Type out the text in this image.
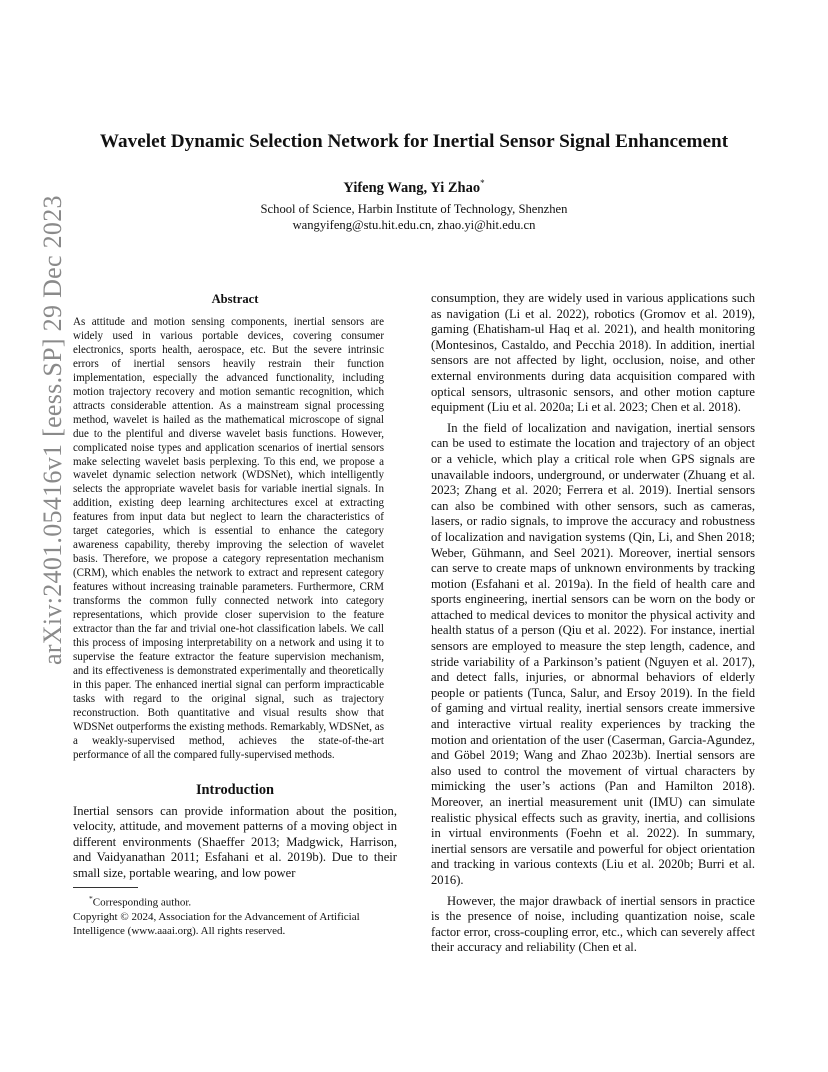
arXiv:2401.05416v1 [eess.SP] 29 Dec 2023
Wavelet Dynamic Selection Network for Inertial Sensor Signal Enhancement
Yifeng Wang, Yi Zhao*
School of Science, Harbin Institute of Technology, Shenzhen
wangyifeng@stu.hit.edu.cn, zhao.yi@hit.edu.cn
Abstract

As attitude and motion sensing components, inertial sensors are widely used in various portable devices, covering consumer electronics, sports health, aerospace, etc. But the severe intrinsic errors of inertial sensors heavily restrain their function implementation, especially the advanced functionality, including motion trajectory recovery and motion semantic recognition, which attracts considerable attention. As a mainstream signal processing method, wavelet is hailed as the mathematical microscope of signal due to the plentiful and diverse wavelet basis functions. However, complicated noise types and application scenarios of inertial sensors make selecting wavelet basis perplexing. To this end, we propose a wavelet dynamic selection network (WDSNet), which intelligently selects the appropriate wavelet basis for variable inertial signals. In addition, existing deep learning architectures excel at extracting features from input data but neglect to learn the characteristics of target categories, which is essential to enhance the category awareness capability, thereby improving the selection of wavelet basis. Therefore, we propose a category representation mechanism (CRM), which enables the network to extract and represent category features without increasing trainable parameters. Furthermore, CRM transforms the common fully connected network into category representations, which provide closer supervision to the feature extractor than the far and trivial one-hot classification labels. We call this process of imposing interpretability on a network and using it to supervise the feature extractor the feature supervision mechanism, and its effectiveness is demonstrated experimentally and theoretically in this paper. The enhanced inertial signal can perform impracticable tasks with regard to the original signal, such as trajectory reconstruction. Both quantitative and visual results show that WDSNet outperforms the existing methods. Remarkably, WDSNet, as a weakly-supervised method, achieves the state-of-the-art performance of all the compared fully-supervised methods.

Introduction

Inertial sensors can provide information about the position, velocity, attitude, and movement patterns of a moving object in different environments (Shaeffer 2013; Madgwick, Harrison, and Vaidyanathan 2011; Esfahani et al. 2019b). Due to their small size, portable wearing, and low power

*Corresponding author.

Copyright © 2024, Association for the Advancement of Artificial Intelligence (www.aaai.org). All rights reserved.

consumption, they are widely used in various applications such as navigation (Li et al. 2022), robotics (Gromov et al. 2019), gaming (Ehatisham-ul Haq et al. 2021), and health monitoring (Montesinos, Castaldo, and Pecchia 2018). In addition, inertial sensors are not affected by light, occlusion, noise, and other external environments during data acquisition compared with optical sensors, ultrasonic sensors, and other motion capture equipment (Liu et al. 2020a; Li et al. 2023; Chen et al. 2018).

In the field of localization and navigation, inertial sensors can be used to estimate the location and trajectory of an object or a vehicle, which play a critical role when GPS signals are unavailable indoors, underground, or underwater (Zhuang et al. 2023; Zhang et al. 2020; Ferrera et al. 2019). Inertial sensors can also be combined with other sensors, such as cameras, lasers, or radio signals, to improve the accuracy and robustness of localization and navigation systems (Qin, Li, and Shen 2018; Weber, Gühmann, and Seel 2021). Moreover, inertial sensors can serve to create maps of unknown environments by tracking motion (Esfahani et al. 2019a). In the field of health care and sports engineering, inertial sensors can be worn on the body or attached to medical devices to monitor the physical activity and health status of a person (Qiu et al. 2022). For instance, inertial sensors are employed to measure the step length, cadence, and stride variability of a Parkinson’s patient (Nguyen et al. 2017), and detect falls, injuries, or abnormal behaviors of elderly people or patients (Tunca, Salur, and Ersoy 2019). In the field of gaming and virtual reality, inertial sensors create immersive and interactive virtual reality experiences by tracking the motion and orientation of the user (Caserman, Garcia-Agundez, and Göbel 2019; Wang and Zhao 2023b). Inertial sensors are also used to control the movement of virtual characters by mimicking the user’s actions (Pan and Hamilton 2018). Moreover, an inertial measurement unit (IMU) can simulate realistic physical effects such as gravity, inertia, and collisions in virtual environments (Foehn et al. 2022). In summary, inertial sensors are versatile and powerful for object orientation and tracking in various contexts (Liu et al. 2020b; Burri et al. 2016).

However, the major drawback of inertial sensors in practice is the presence of noise, including quantization noise, scale factor error, cross-coupling error, etc., which can severely affect their accuracy and reliability (Chen et al.
